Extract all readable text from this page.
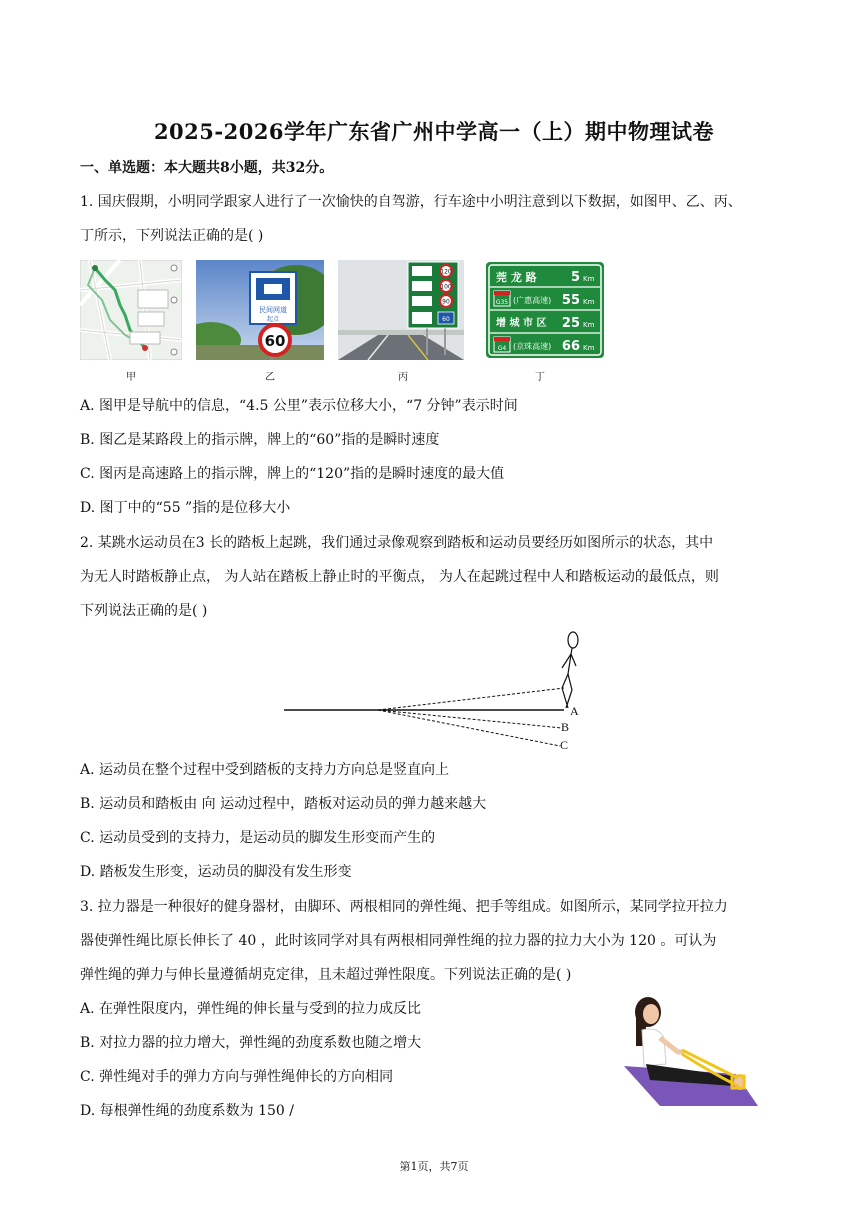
2025-2026学年广东省广州中学高一（上）期中物理试卷
一、单选题：本大题共8小题，共32分。
1. 国庆假期，小明同学跟家人进行了一次愉快的自驾游，行车途中小明注意到以下数据，如图甲、乙、丙、
丁所示，下列说法正确的是( )
甲
民间网道
起点
60
乙
120
100
90
60
丙
莞 龙 路	5 Km
G35 (广惠高速) 55 Km
增 城 市 区 25 Km
G4 (京珠高速) 66 Km
丁
A. 图甲是导航中的信息，“4.5 公里”表示位移大小，“7 分钟”表示时间
B. 图乙是某路段上的指示牌，牌上的“60”指的是瞬时速度
C. 图丙是高速路上的指示牌，牌上的“120”指的是瞬时速度的最大值
D. 图丁中的“55 ”指的是位移大小
2. 某跳水运动员在3 长的踏板上起跳，我们通过录像观察到踏板和运动员要经历如图所示的状态，其中
为无人时踏板静止点， 为人站在踏板上静止时的平衡点， 为人在起跳过程中人和踏板运动的最低点，则
下列说法正确的是( )
A
B
C
A. 运动员在整个过程中受到踏板的支持力方向总是竖直向上
B. 运动员和踏板由 向 运动过程中，踏板对运动员的弹力越来越大
C. 运动员受到的支持力，是运动员的脚发生形变而产生的
D. 踏板发生形变，运动员的脚没有发生形变
3. 拉力器是一种很好的健身器材，由脚环、两根相同的弹性绳、把手等组成。如图所示，某同学拉开拉力
器使弹性绳比原长伸长了 40 ，此时该同学对具有两根相同弹性绳的拉力器的拉力大小为 120 。可认为
弹性绳的弹力与伸长量遵循胡克定律，且未超过弹性限度。下列说法正确的是( )
A. 在弹性限度内，弹性绳的伸长量与受到的拉力成反比
B. 对拉力器的拉力增大，弹性绳的劲度系数也随之增大
C. 弹性绳对手的弹力方向与弹性绳伸长的方向相同
D. 每根弹性绳的劲度系数为 150 /
第1页，共7页
